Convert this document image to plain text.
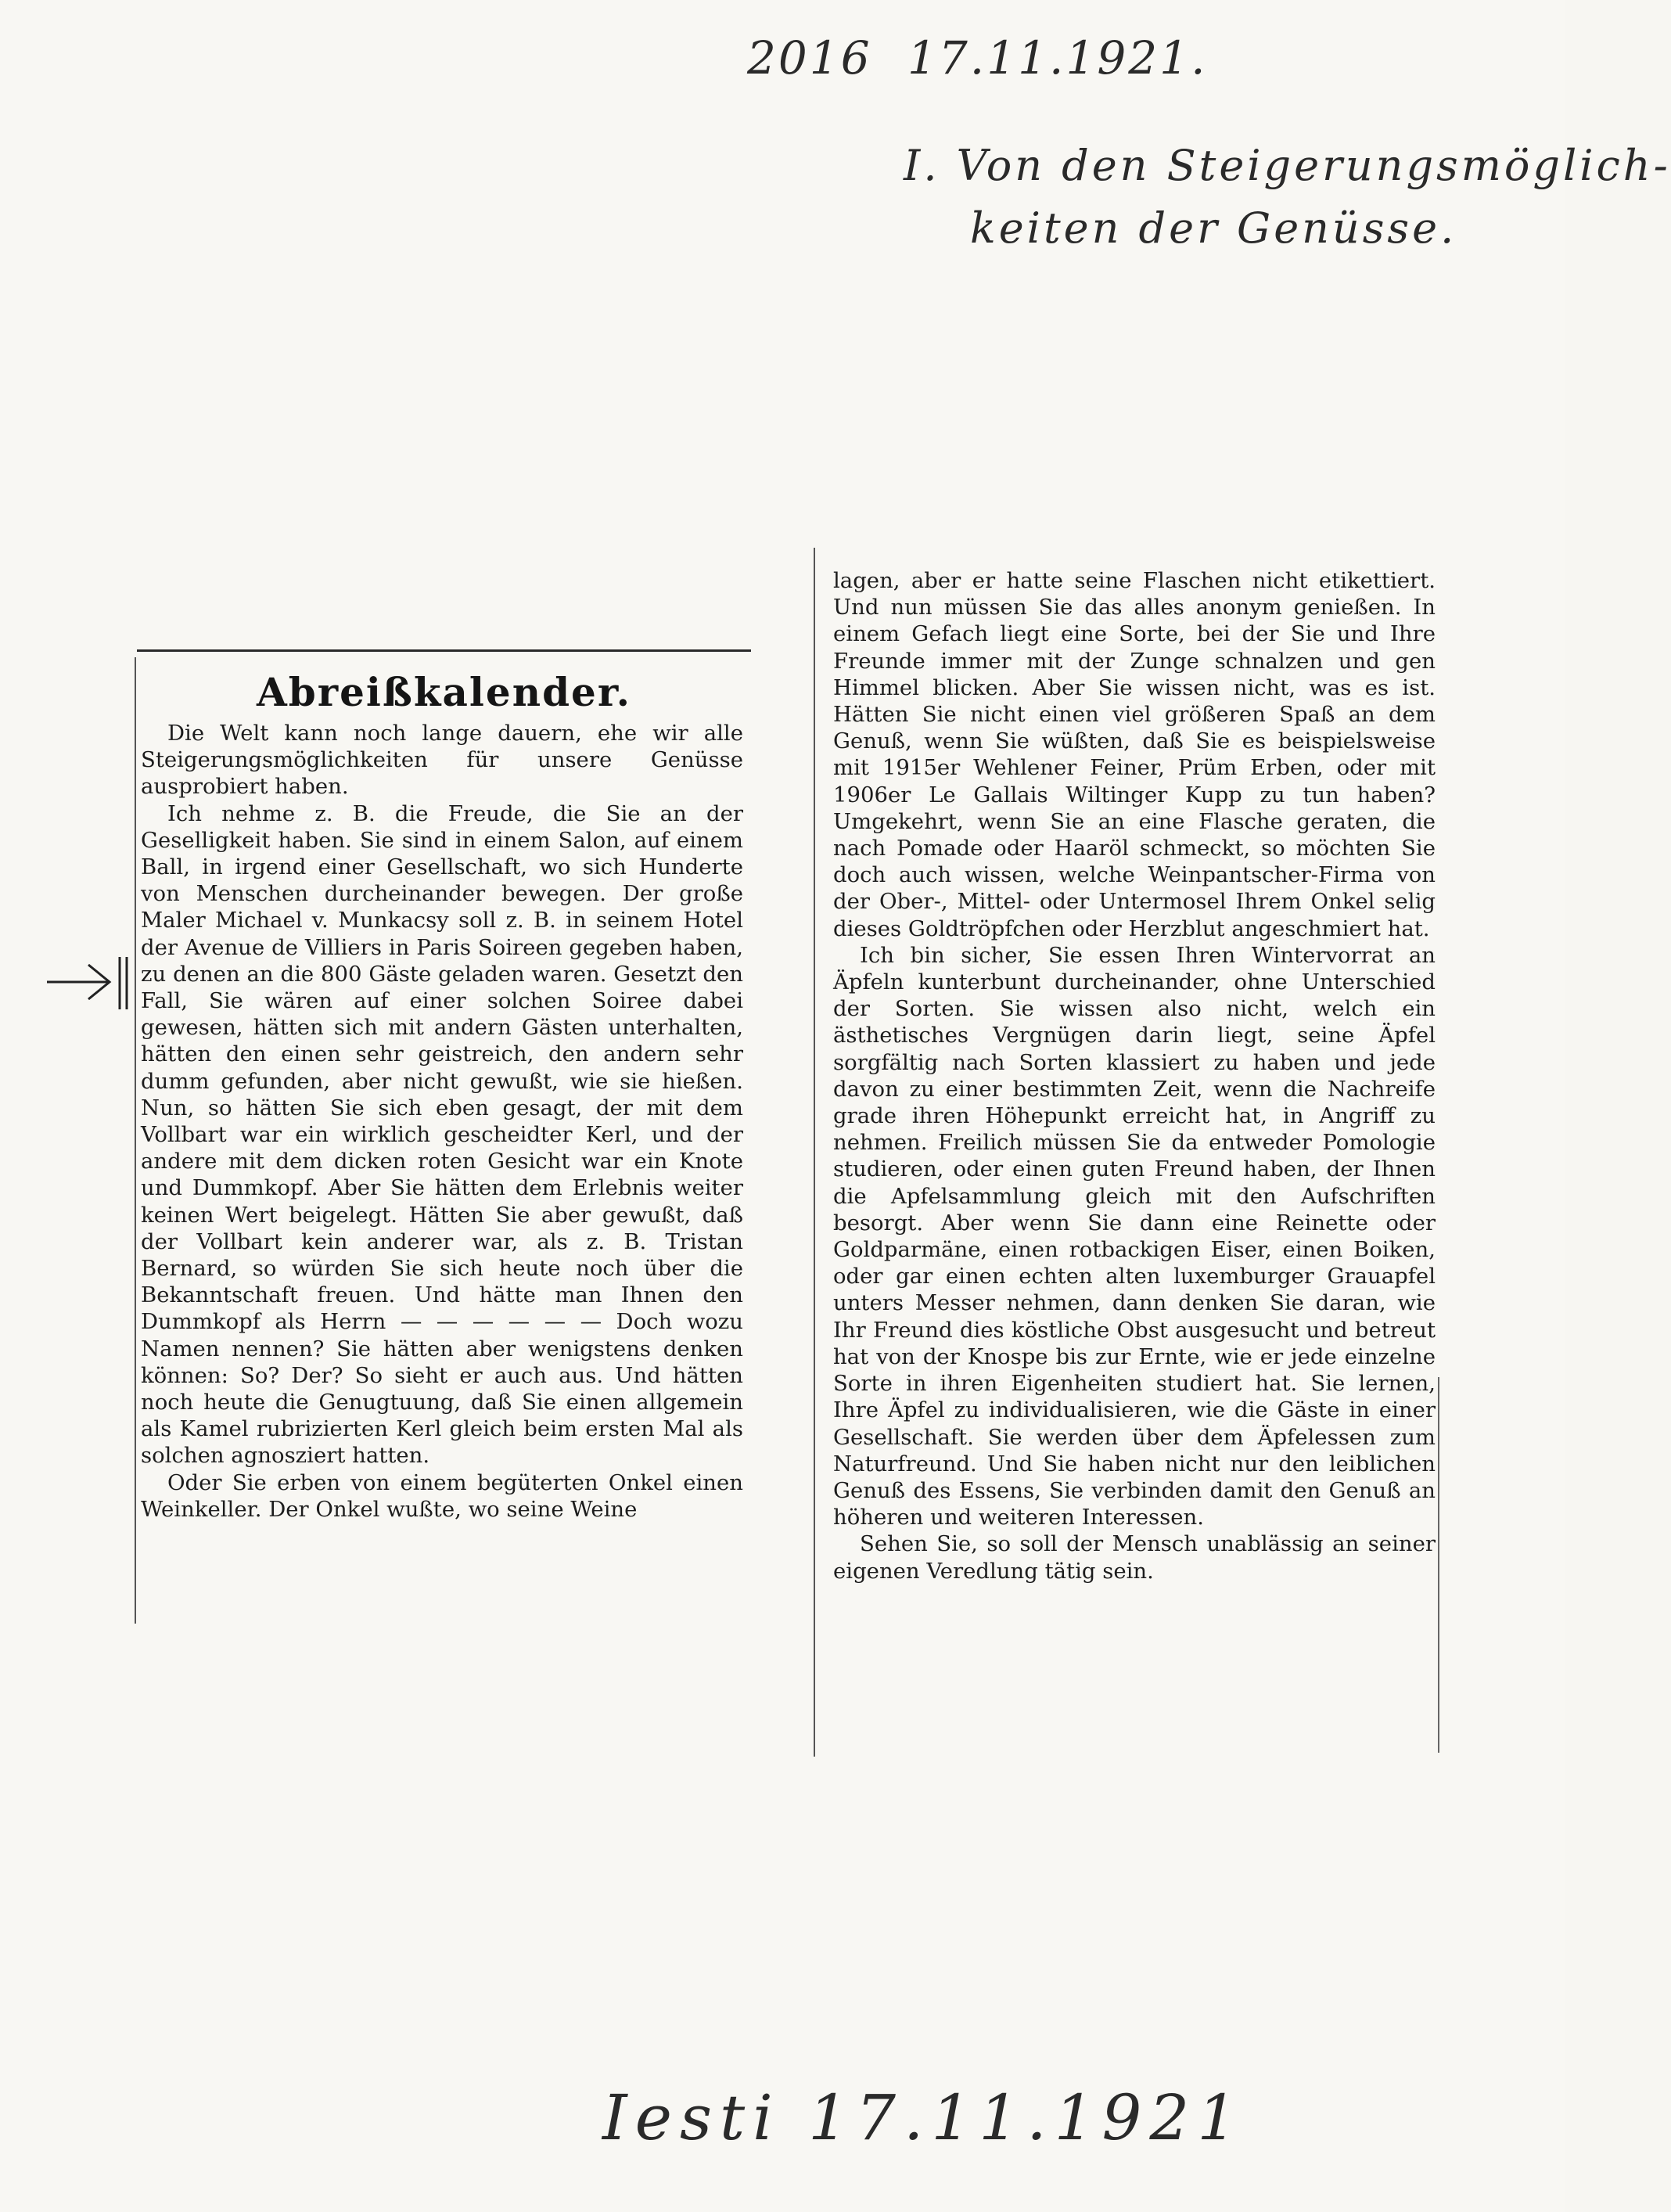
2016 17.11.1921.
I. Von den Steigerungsmöglich-
keiten der Genüsse.
Abreißkalender.

Die Welt kann noch lange dauern, ehe wir alle Steigerungsmöglichkeiten für unsere Genüsse ausprobiert haben.

Ich nehme z. B. die Freude, die Sie an der Geselligkeit haben. Sie sind in einem Salon, auf einem Ball, in irgend einer Gesellschaft, wo sich Hunderte von Menschen durcheinander bewegen. Der große Maler Michael v. Munkacsy soll z. B. in seinem Hotel der Avenue de Villiers in Paris Soireen gegeben haben, zu denen an die 800 Gäste geladen waren. Gesetzt den Fall, Sie wären auf einer solchen Soiree dabei gewesen, hätten sich mit andern Gästen unterhalten, hätten den einen sehr geistreich, den andern sehr dumm gefunden, aber nicht gewußt, wie sie hießen. Nun, so hätten Sie sich eben gesagt, der mit dem Vollbart war ein wirklich gescheidter Kerl, und der andere mit dem dicken roten Gesicht war ein Knote und Dummkopf. Aber Sie hätten dem Erlebnis weiter keinen Wert beigelegt. Hätten Sie aber gewußt, daß der Vollbart kein anderer war, als z. B. Tristan Bernard, so würden Sie sich heute noch über die Bekanntschaft freuen. Und hätte man Ihnen den Dummkopf als Herrn — — — — — — Doch wozu Namen nennen? Sie hätten aber wenigstens denken können: So? Der? So sieht er auch aus. Und hätten noch heute die Genugtuung, daß Sie einen allgemein als Kamel rubrizierten Kerl gleich beim ersten Mal als solchen agnosziert hatten.

Oder Sie erben von einem begüterten Onkel einen Weinkeller. Der Onkel wußte, wo seine Weine

lagen, aber er hatte seine Flaschen nicht etikettiert. Und nun müssen Sie das alles anonym genießen. In einem Gefach liegt eine Sorte, bei der Sie und Ihre Freunde immer mit der Zunge schnalzen und gen Himmel blicken. Aber Sie wissen nicht, was es ist. Hätten Sie nicht einen viel größeren Spaß an dem Genuß, wenn Sie wüßten, daß Sie es beispielsweise mit 1915er Wehlener Feiner, Prüm Erben, oder mit 1906er Le Gallais Wiltinger Kupp zu tun haben? Umgekehrt, wenn Sie an eine Flasche geraten, die nach Pomade oder Haaröl schmeckt, so möchten Sie doch auch wissen, welche Weinpantscher-Firma von der Ober-, Mittel- oder Untermosel Ihrem Onkel selig dieses Goldtröpfchen oder Herzblut angeschmiert hat.

Ich bin sicher, Sie essen Ihren Wintervorrat an Äpfeln kunterbunt durcheinander, ohne Unterschied der Sorten. Sie wissen also nicht, welch ein ästhetisches Vergnügen darin liegt, seine Äpfel sorgfältig nach Sorten klassiert zu haben und jede davon zu einer bestimmten Zeit, wenn die Nachreife grade ihren Höhepunkt erreicht hat, in Angriff zu nehmen. Freilich müssen Sie da entweder Pomologie studieren, oder einen guten Freund haben, der Ihnen die Apfelsammlung gleich mit den Aufschriften besorgt. Aber wenn Sie dann eine Reinette oder Goldparmäne, einen rotbackigen Eiser, einen Boiken, oder gar einen echten alten luxemburger Grauapfel unters Messer nehmen, dann denken Sie daran, wie Ihr Freund dies köstliche Obst ausgesucht und betreut hat von der Knospe bis zur Ernte, wie er jede einzelne Sorte in ihren Eigenheiten studiert hat. Sie lernen, Ihre Äpfel zu individualisieren, wie die Gäste in einer Gesellschaft. Sie werden über dem Äpfelessen zum Naturfreund. Und Sie haben nicht nur den leiblichen Genuß des Essens, Sie verbinden damit den Genuß an höheren und weiteren Interessen.

Sehen Sie, so soll der Mensch unablässig an seiner eigenen Veredlung tätig sein.

Iesti 17.11.1921
